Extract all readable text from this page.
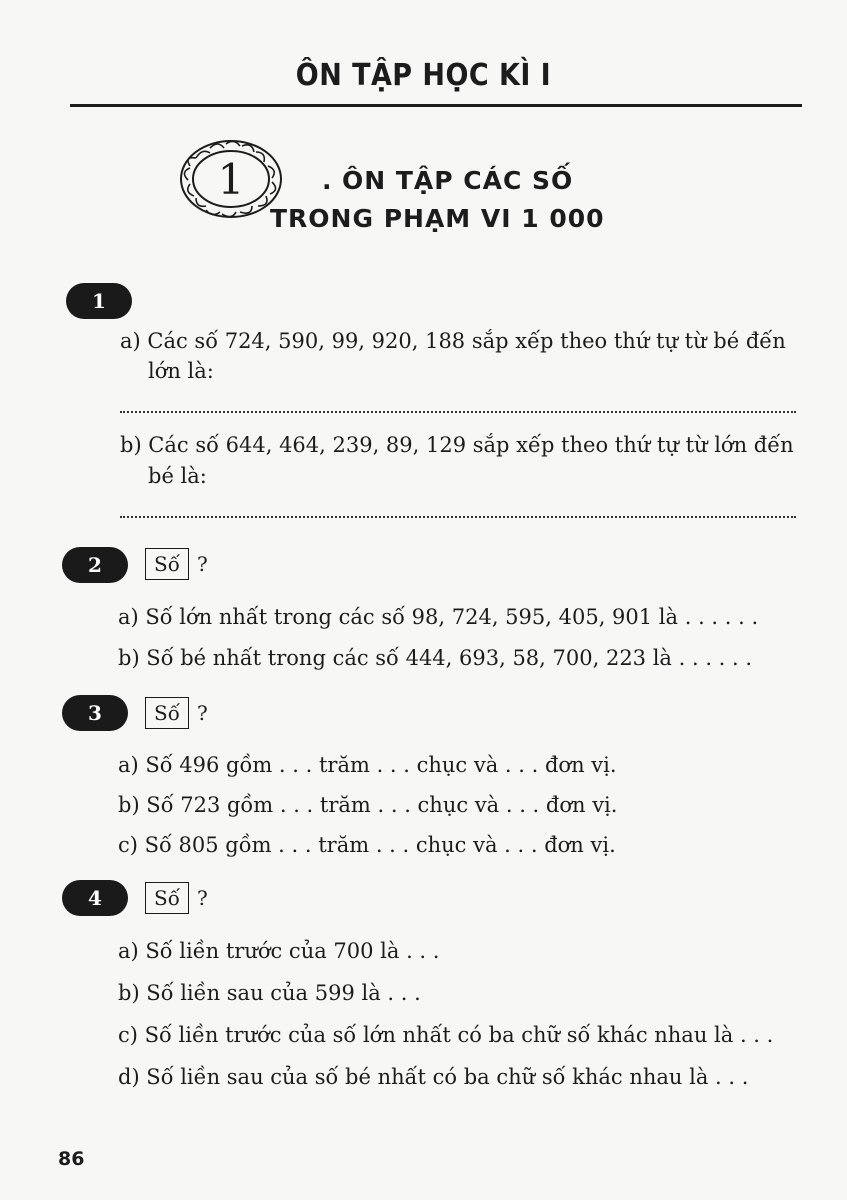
ÔN TẬP HỌC KÌ I
1
.	ÔN TẬP CÁC SỐ
TRONG PHẠM VI 1 000
1
a) Các số 724, 590, 99, 920, 188 sắp xếp theo thứ tự từ bé đến
lớn là:
b) Các số 644, 464, 239, 89, 129 sắp xếp theo thứ tự từ lớn đến
bé là:
2	Số ?
a) Số lớn nhất trong các số 98, 724, 595, 405, 901 là . . . . . .
b) Số bé nhất trong các số 444, 693, 58, 700, 223 là . . . . . .
3	Số ?
a) Số 496 gồm . . . trăm . . . chục và . . . đơn vị.
b) Số 723 gồm . . . trăm . . . chục và . . . đơn vị.
c) Số 805 gồm . . . trăm . . . chục và . . . đơn vị.
4	Số ?
a) Số liền trước của 700 là . . .
b) Số liền sau của 599 là . . .
c) Số liền trước của số lớn nhất có ba chữ số khác nhau là . . .
d) Số liền sau của số bé nhất có ba chữ số khác nhau là . . .
86
